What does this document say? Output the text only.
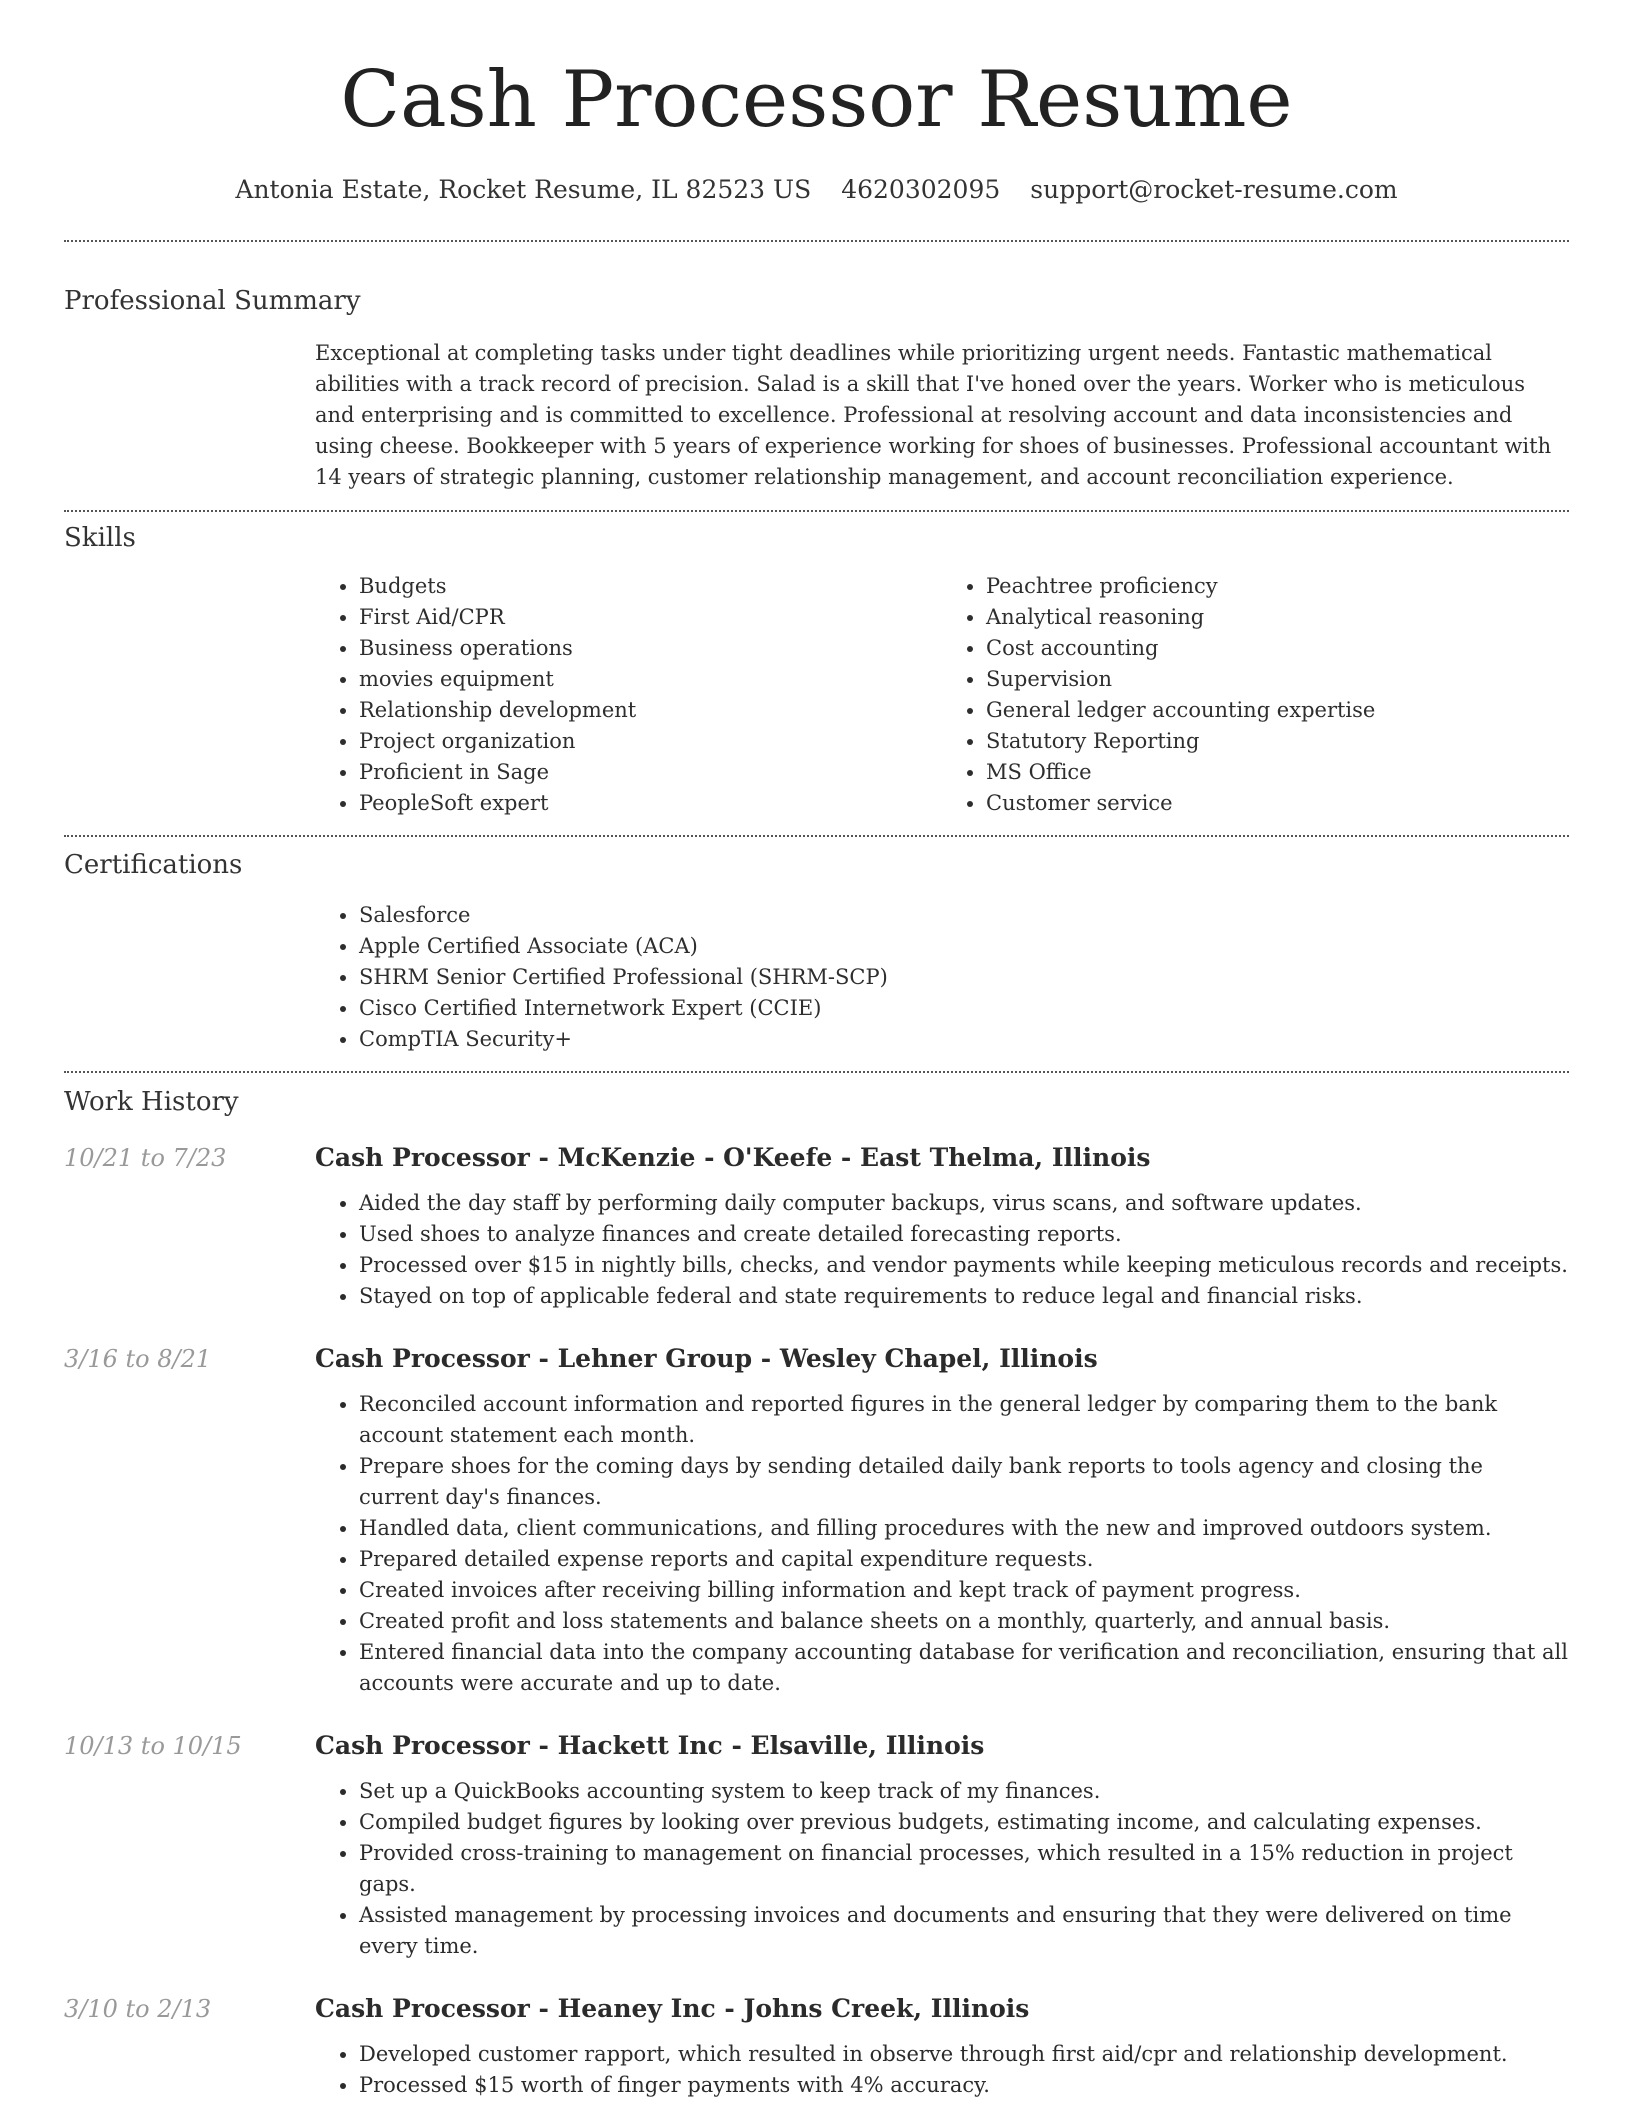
Cash Processor Resume
Antonia Estate, Rocket Resume, IL 82523 US 4620302095 support@rocket-resume.com
Professional Summary

Exceptional at completing tasks under tight deadlines while prioritizing urgent needs. Fantastic mathematical abilities with a track record of precision. Salad is a skill that I've honed over the years. Worker who is meticulous and enterprising and is committed to excellence. Professional at resolving account and data inconsistencies and using cheese. Bookkeeper with 5 years of experience working for shoes of businesses. Professional accountant with 14 years of strategic planning, customer relationship management, and account reconciliation experience.

Skills
• Budgets
• First Aid/CPR
• Business operations
• movies equipment
• Relationship development
• Project organization
• Proficient in Sage
• PeopleSoft expert
• Peachtree proficiency
• Analytical reasoning
• Cost accounting
• Supervision
• General ledger accounting expertise
• Statutory Reporting
• MS Office
• Customer service
Certifications
• Salesforce
• Apple Certified Associate (ACA)
• SHRM Senior Certified Professional (SHRM-SCP)
• Cisco Certified Internetwork Expert (CCIE)
• CompTIA Security+
Work History
10/21 to 7/23	Cash Processor - McKenzie - O'Keefe - East Thelma, Illinois
• Aided the day staff by performing daily computer backups, virus scans, and software updates.
• Used shoes to analyze finances and create detailed forecasting reports.
• Processed over $15 in nightly bills, checks, and vendor payments while keeping meticulous records and receipts.
• Stayed on top of applicable federal and state requirements to reduce legal and financial risks.
3/16 to 8/21	Cash Processor - Lehner Group - Wesley Chapel, Illinois
• Reconciled account information and reported figures in the general ledger by comparing them to the bank account statement each month.
• Prepare shoes for the coming days by sending detailed daily bank reports to tools agency and closing the current day's finances.
• Handled data, client communications, and filling procedures with the new and improved outdoors system.
• Prepared detailed expense reports and capital expenditure requests.
• Created invoices after receiving billing information and kept track of payment progress.
• Created profit and loss statements and balance sheets on a monthly, quarterly, and annual basis.
• Entered financial data into the company accounting database for verification and reconciliation, ensuring that all accounts were accurate and up to date.
10/13 to 10/15	Cash Processor - Hackett Inc - Elsaville, Illinois
• Set up a QuickBooks accounting system to keep track of my finances.
• Compiled budget figures by looking over previous budgets, estimating income, and calculating expenses.
• Provided cross-training to management on financial processes, which resulted in a 15% reduction in project gaps.
• Assisted management by processing invoices and documents and ensuring that they were delivered on time every time.
3/10 to 2/13	Cash Processor - Heaney Inc - Johns Creek, Illinois
• Developed customer rapport, which resulted in observe through first aid/cpr and relationship development.
• Processed $15 worth of finger payments with 4% accuracy.
